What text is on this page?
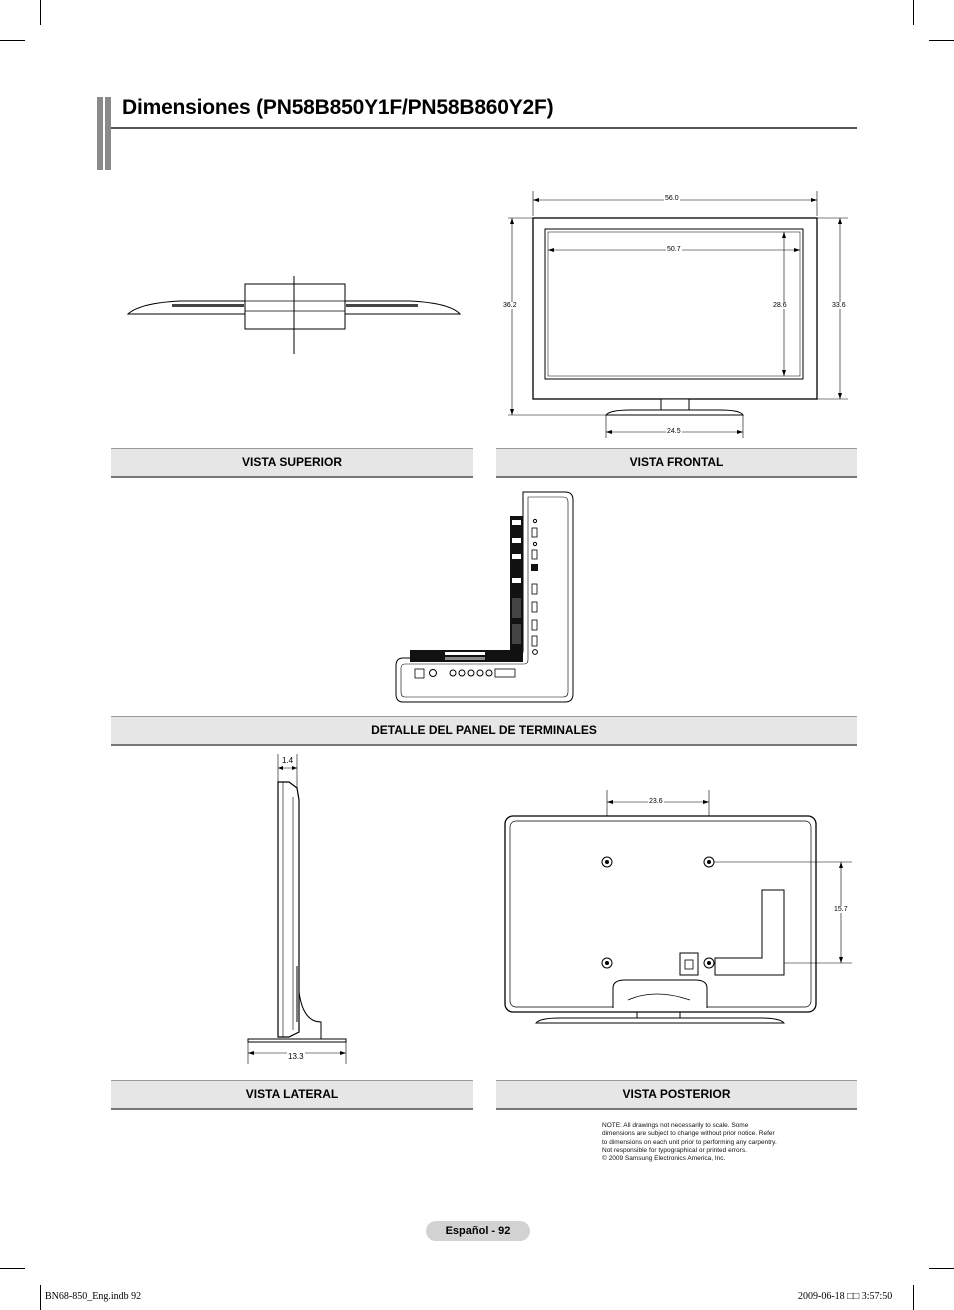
Dimensiones (PN58B850Y1F/PN58B860Y2F)
56.0
50.7
36.2	28.6	33.6
24.5
VISTA SUPERIOR	VISTA FRONTAL
DETALLE DEL PANEL DE TERMINALES
1.4
13.3
23.6
15.7
VISTA LATERAL	VISTA POSTERIOR
NOTE: All drawings not necessarily to scale. Some dimensions are subject to change without prior notice. Refer to dimensions on each unit prior to performing any carpentry. Not responsible for typographical or printed errors.
© 2009 Samsung Electronics America, Inc.
Español - 92
BN68-850_Eng.indb 92	2009-06-18 □□ 3:57:50
